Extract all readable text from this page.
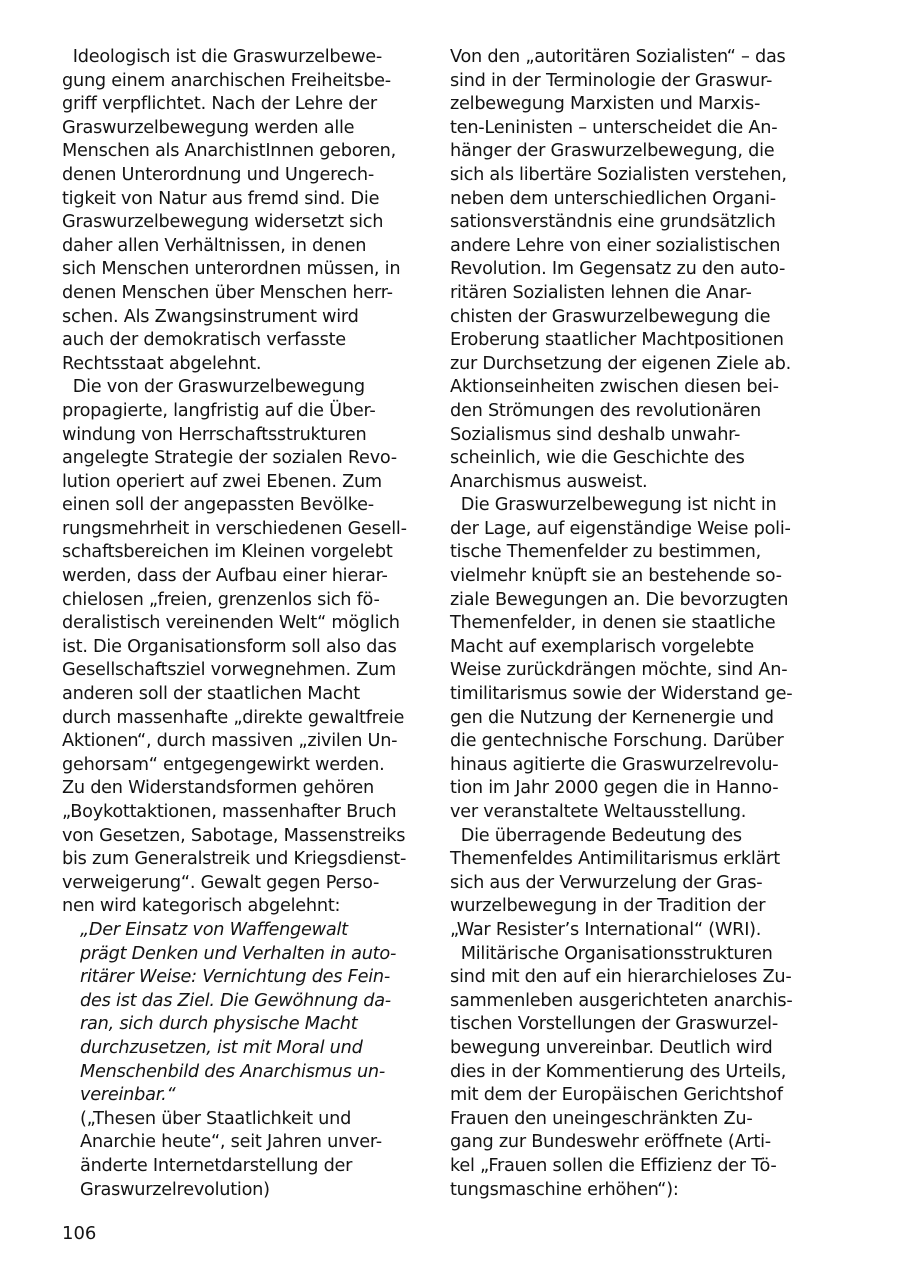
Ideologisch ist die Graswurzelbewe-
gung einem anarchischen Freiheitsbe-
griff verpflichtet. Nach der Lehre der
Graswurzelbewegung werden alle
Menschen als AnarchistInnen geboren,
denen Unterordnung und Ungerech-
tigkeit von Natur aus fremd sind. Die
Graswurzelbewegung widersetzt sich
daher allen Verhältnissen, in denen
sich Menschen unterordnen müssen, in
denen Menschen über Menschen herr-
schen. Als Zwangsinstrument wird
auch der demokratisch verfasste
Rechtsstaat abgelehnt.
Die von der Graswurzelbewegung
propagierte, langfristig auf die Über-
windung von Herrschaftsstrukturen
angelegte Strategie der sozialen Revo-
lution operiert auf zwei Ebenen. Zum
einen soll der angepassten Bevölke-
rungsmehrheit in verschiedenen Gesell-
schaftsbereichen im Kleinen vorgelebt
werden, dass der Aufbau einer hierar-
chielosen „freien, grenzenlos sich fö-
deralistisch vereinenden Welt“ möglich
ist. Die Organisationsform soll also das
Gesellschaftsziel vorwegnehmen. Zum
anderen soll der staatlichen Macht
durch massenhafte „direkte gewaltfreie
Aktionen“, durch massiven „zivilen Un-
gehorsam“ entgegengewirkt werden.
Zu den Widerstandsformen gehören
„Boykottaktionen, massenhafter Bruch
von Gesetzen, Sabotage, Massenstreiks
bis zum Generalstreik und Kriegsdienst-
verweigerung“. Gewalt gegen Perso-
nen wird kategorisch abgelehnt:
„Der Einsatz von Waffengewalt
prägt Denken und Verhalten in auto-
ritärer Weise: Vernichtung des Fein-
des ist das Ziel. Die Gewöhnung da-
ran, sich durch physische Macht
durchzusetzen, ist mit Moral und
Menschenbild des Anarchismus un-
vereinbar.“
(„Thesen über Staatlichkeit und
Anarchie heute“, seit Jahren unver-
änderte Internetdarstellung der
Graswurzelrevolution)
Von den „autoritären Sozialisten“ – das
sind in der Terminologie der Graswur-
zelbewegung Marxisten und Marxis-
ten-Leninisten – unterscheidet die An-
hänger der Graswurzelbewegung, die
sich als libertäre Sozialisten verstehen,
neben dem unterschiedlichen Organi-
sationsverständnis eine grundsätzlich
andere Lehre von einer sozialistischen
Revolution. Im Gegensatz zu den auto-
ritären Sozialisten lehnen die Anar-
chisten der Graswurzelbewegung die
Eroberung staatlicher Machtpositionen
zur Durchsetzung der eigenen Ziele ab.
Aktionseinheiten zwischen diesen bei-
den Strömungen des revolutionären
Sozialismus sind deshalb unwahr-
scheinlich, wie die Geschichte des
Anarchismus ausweist.
Die Graswurzelbewegung ist nicht in
der Lage, auf eigenständige Weise poli-
tische Themenfelder zu bestimmen,
vielmehr knüpft sie an bestehende so-
ziale Bewegungen an. Die bevorzugten
Themenfelder, in denen sie staatliche
Macht auf exemplarisch vorgelebte
Weise zurückdrängen möchte, sind An-
timilitarismus sowie der Widerstand ge-
gen die Nutzung der Kernenergie und
die gentechnische Forschung. Darüber
hinaus agitierte die Graswurzelrevolu-
tion im Jahr 2000 gegen die in Hanno-
ver veranstaltete Weltausstellung.
Die überragende Bedeutung des
Themenfeldes Antimilitarismus erklärt
sich aus der Verwurzelung der Gras-
wurzelbewegung in der Tradition der
„War Resister’s International“ (WRI).
Militärische Organisationsstrukturen
sind mit den auf ein hierarchieloses Zu-
sammenleben ausgerichteten anarchis-
tischen Vorstellungen der Graswurzel-
bewegung unvereinbar. Deutlich wird
dies in der Kommentierung des Urteils,
mit dem der Europäischen Gerichtshof
Frauen den uneingeschränkten Zu-
gang zur Bundeswehr eröffnete (Arti-
kel „Frauen sollen die Effizienz der Tö-
tungsmaschine erhöhen“):
106
